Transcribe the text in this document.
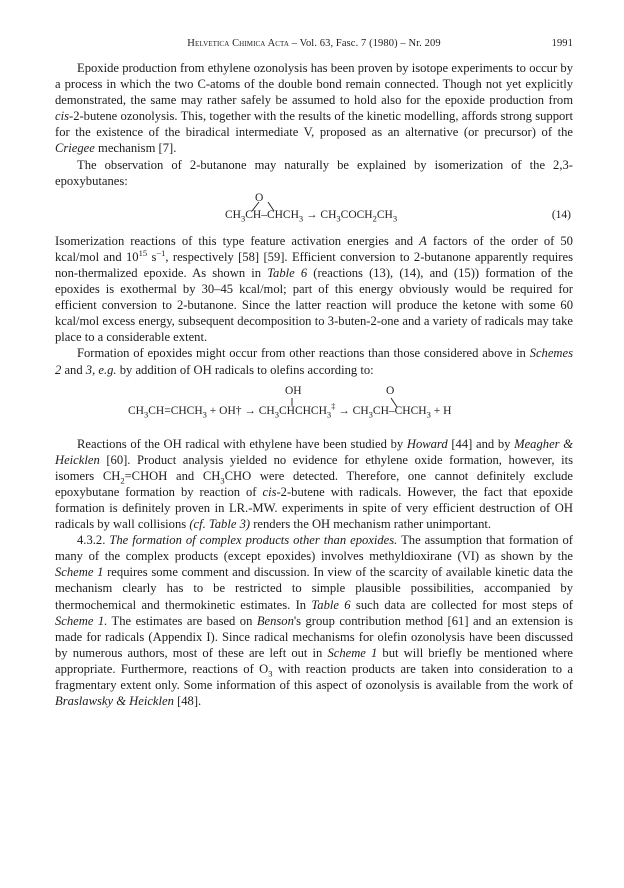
Helvetica Chimica Acta – Vol. 63, Fasc. 7 (1980) – Nr. 209	1991

Epoxide production from ethylene ozonolysis has been proven by isotope experiments to occur by a process in which the two C-atoms of the double bond remain connected. Though not yet explicitly demonstrated, the same may rather safely be assumed to hold also for the epoxide production from cis-2-butene ozonolysis. This, together with the results of the kinetic modelling, affords strong support for the existence of the biradical intermediate V, proposed as an alternative (or precursor) of the Criegee mechanism [7].

The observation of 2-butanone may naturally be explained by isomerization of the 2,3-epoxybutanes:

O
$CH_3CH-CHCH_3$ → $CH_3COCH_2CH_3$	(14)

Isomerization reactions of this type feature activation energies and A factors of the order of 50 kcal/mol and $10^{15}$ $s^{-1}$, respectively [58] [59]. Efficient conversion to 2-butanone apparently requires non-thermalized epoxide. As shown in Table 6 (reactions (13), (14), and (15)) formation of the epoxides is exothermal by 30–45 kcal/mol; part of this energy obviously would be required for efficient conversion to 2-butanone. Since the latter reaction will produce the ketone with some 60 kcal/mol excess energy, subsequent decomposition to 3-buten-2-one and a variety of radicals may take place to a considerable extent.

Formation of epoxides might occur from other reactions than those considered above in Schemes 2 and 3, e.g. by addition of OH radicals to olefins according to:

OH	O
$CH_3CH=CHCH_3$ + OH† → $CH_3CHCHCH_3^\ddagger$ → $CH_3CH-CHCH_3 + H$

Reactions of the OH radical with ethylene have been studied by Howard [44] and by Meagher & Heicklen [60]. Product analysis yielded no evidence for ethylene oxide formation, however, its isomers $CH_2=CHOH$ and $CH_3CHO$ were detected. Therefore, one cannot definitely exclude epoxybutane formation by reaction of cis-2-butene with radicals. However, the fact that epoxide formation is definitely proven in LR.-MW. experiments in spite of very efficient destruction of OH radicals by wall collisions (cf. Table 3) renders the OH mechanism rather unimportant.

4.3.2. The formation of complex products other than epoxides. The assumption that formation of many of the complex products (except epoxides) involves methyldioxirane (VI) as shown by the Scheme 1 requires some comment and discussion. In view of the scarcity of available kinetic data the mechanism clearly has to be restricted to simple plausible possibilities, accompanied by thermochemical and thermokinetic estimates. In Table 6 such data are collected for most steps of Scheme 1. The estimates are based on Benson's group contribution method [61] and an extension is made for radicals (Appendix I). Since radical mechanisms for olefin ozonolysis have been discussed by numerous authors, most of these are left out in Scheme 1 but will briefly be mentioned where appropriate. Furthermore, reactions of $O_3$ with reaction products are taken into consideration to a fragmentary extent only. Some information of this aspect of ozonolysis is available from the work of Braslawsky & Heicklen [48].
